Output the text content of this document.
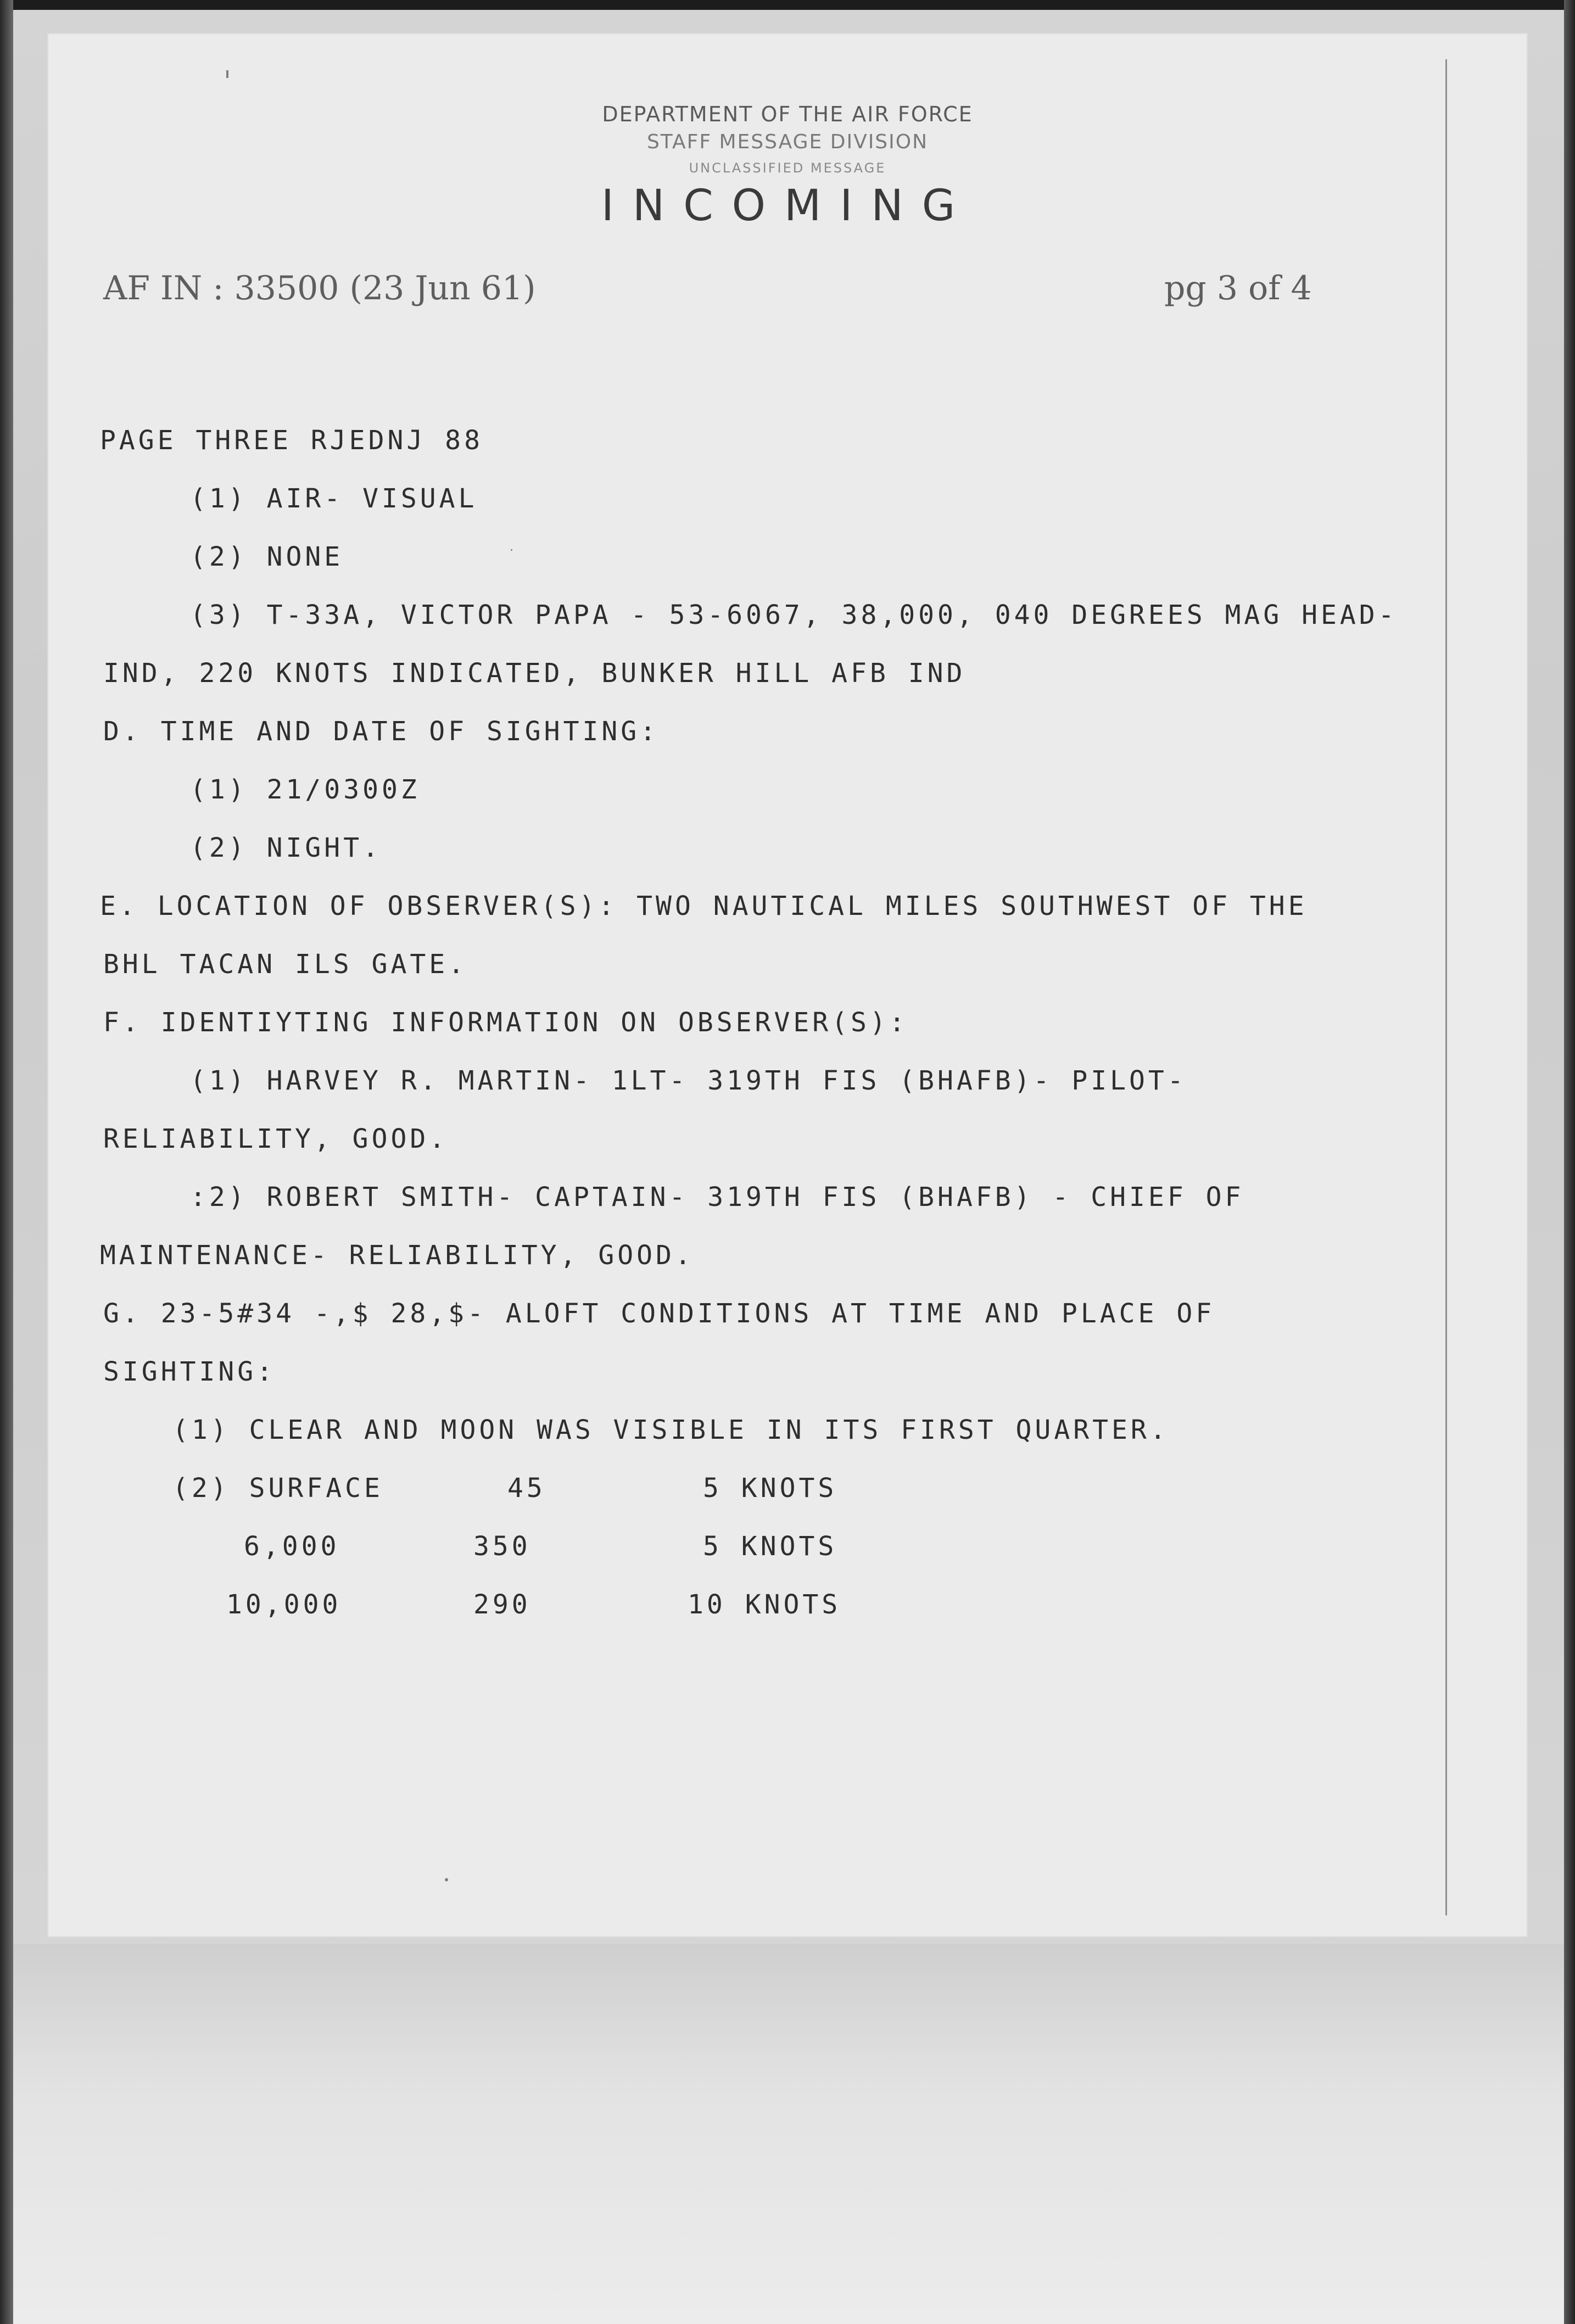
DEPARTMENT OF THE AIR FORCE
STAFF MESSAGE DIVISION
UNCLASSIFIED MESSAGE
INCOMING
AF IN : 33500 (23 Jun 61)	pg 3 of 4
PAGE THREE RJEDNJ 88
(1) AIR- VISUAL
(2) NONE
(3) T-33A, VICTOR PAPA - 53-6067, 38,000, 040 DEGREES MAG HEAD-
IND, 220 KNOTS INDICATED, BUNKER HILL AFB IND
D. TIME AND DATE OF SIGHTING:
(1) 21/0300Z
(2) NIGHT.
E. LOCATION OF OBSERVER(S): TWO NAUTICAL MILES SOUTHWEST OF THE
BHL TACAN ILS GATE.
F. IDENTIYTING INFORMATION ON OBSERVER(S):
(1) HARVEY R. MARTIN- 1LT- 319TH FIS (BHAFB)- PILOT-
RELIABILITY, GOOD.
:2) ROBERT SMITH- CAPTAIN- 319TH FIS (BHAFB) - CHIEF OF
MAINTENANCE- RELIABILITY, GOOD.
G. 23-5#34 -,$ 28,$- ALOFT CONDITIONS AT TIME AND PLACE OF
SIGHTING:
(1) CLEAR AND MOON WAS VISIBLE IN ITS FIRST QUARTER.
(2) SURFACE	45	5 KNOTS
6,000	350	5 KNOTS
10,000	290	10 KNOTS
